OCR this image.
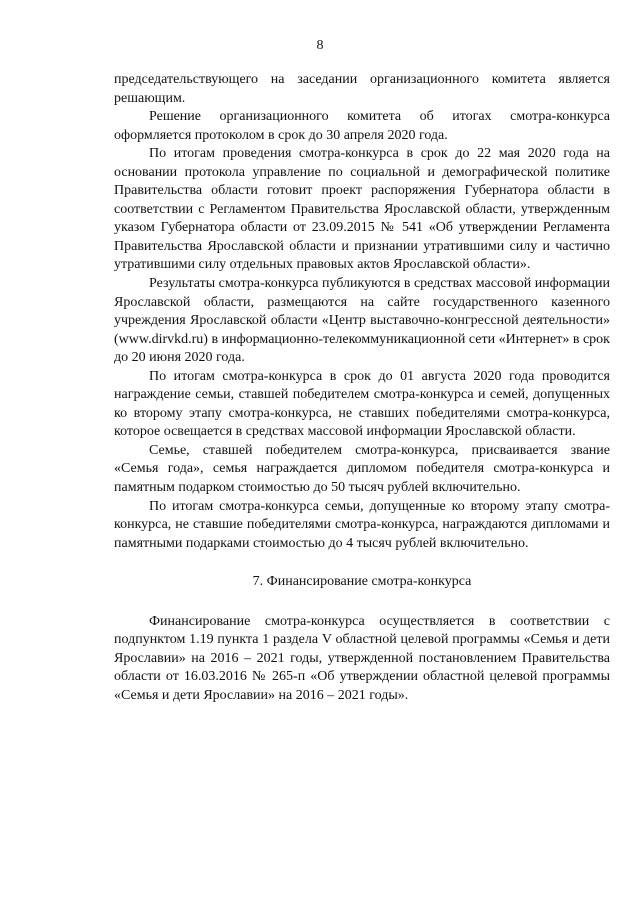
8

председательствующего на заседании организационного комитета является решающим.

Решение организационного комитета об итогах смотра-конкурса оформляется протоколом в срок до 30 апреля 2020 года.

По итогам проведения смотра-конкурса в срок до 22 мая 2020 года на основании протокола управление по социальной и демографической политике Правительства области готовит проект распоряжения Губернатора области в соответствии с Регламентом Правительства Ярославской области, утвержденным указом Губернатора области от 23.09.2015 № 541 «Об утверждении Регламента Правительства Ярославской области и признании утратившими силу и частично утратившими силу отдельных правовых актов Ярославской области».

Результаты смотра-конкурса публикуются в средствах массовой информации Ярославской области, размещаются на сайте государственного казенного учреждения Ярославской области «Центр выставочно-конгрессной деятельности» (www.dirvkd.ru) в информационно-телекоммуникационной сети «Интернет» в срок до 20 июня 2020 года.

По итогам смотра-конкурса в срок до 01 августа 2020 года проводится награждение семьи, ставшей победителем смотра-конкурса и семей, допущенных ко второму этапу смотра-конкурса, не ставших победителями смотра-конкурса, которое освещается в средствах массовой информации Ярославской области.

Семье, ставшей победителем смотра-конкурса, присваивается звание «Семья года», семья награждается дипломом победителя смотра-конкурса и памятным подарком стоимостью до 50 тысяч рублей включительно.

По итогам смотра-конкурса семьи, допущенные ко второму этапу смотра-конкурса, не ставшие победителями смотра-конкурса, награждаются дипломами и памятными подарками стоимостью до 4 тысяч рублей включительно.

7. Финансирование смотра-конкурса

Финансирование смотра-конкурса осуществляется в соответствии с подпунктом 1.19 пункта 1 раздела V областной целевой программы «Семья и дети Ярославии» на 2016 – 2021 годы, утвержденной постановлением Правительства области от 16.03.2016 № 265-п «Об утверждении областной целевой программы «Семья и дети Ярославии» на 2016 – 2021 годы».
